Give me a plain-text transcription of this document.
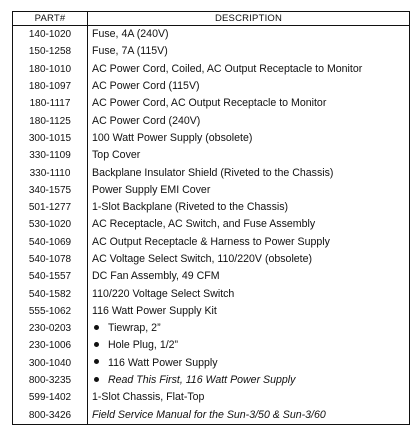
PART#	DESCRIPTION
140-1020	Fuse, 4A (240V)
150-1258	Fuse, 7A (115V)
180-1010	AC Power Cord, Coiled, AC Output Receptacle to Monitor
180-1097	AC Power Cord (115V)
180-1117	AC Power Cord, AC Output Receptacle to Monitor
180-1125	AC Power Cord (240V)
300-1015	100 Watt Power Supply (obsolete)
330-1109	Top Cover
330-1110	Backplane Insulator Shield (Riveted to the Chassis)
340-1575	Power Supply EMI Cover
501-1277	1-Slot Backplane (Riveted to the Chassis)
530-1020	AC Receptacle, AC Switch, and Fuse Assembly
540-1069	AC Output Receptacle & Harness to Power Supply
540-1078	AC Voltage Select Switch, 110/220V (obsolete)
540-1557	DC Fan Assembly, 49 CFM
540-1582	110/220 Voltage Select Switch
555-1062	116 Watt Power Supply Kit
230-0203	Tiewrap, 2”
230-1006	Hole Plug, 1/2”
300-1040	116 Watt Power Supply
800-3235	Read This First, 116 Watt Power Supply
599-1402	1-Slot Chassis, Flat-Top
800-3426	Field Service Manual for the Sun-3/50 & Sun-3/60
